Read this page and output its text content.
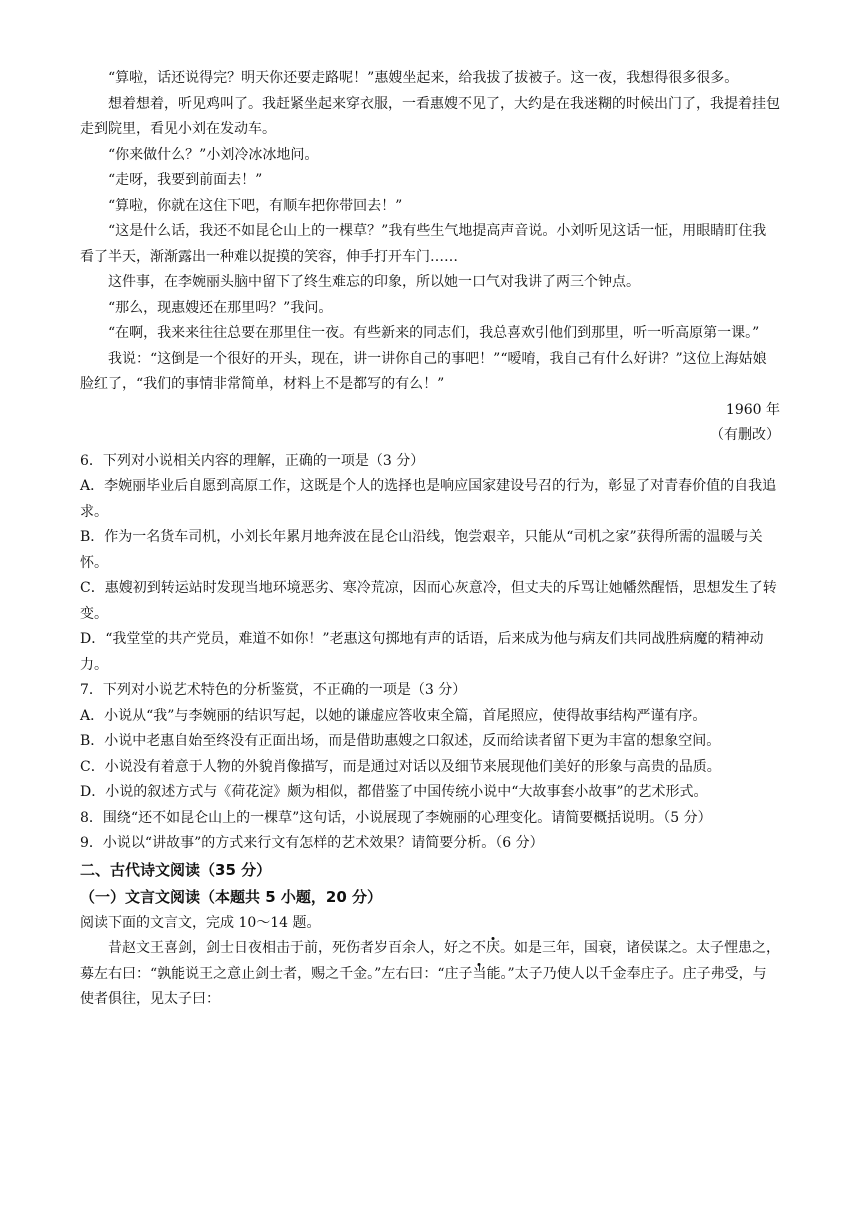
“算啦，话还说得完？明天你还要走路呢！”惠嫂坐起来，给我拔了拔被子。这一夜，我想得很多很多。

想着想着，听见鸡叫了。我赶紧坐起来穿衣服，一看惠嫂不见了，大约是在我迷糊的时候出门了，我提着挂包走到院里，看见小刘在发动车。

“你来做什么？”小刘冷冰冰地问。

“走呀，我要到前面去！”

“算啦，你就在这住下吧，有顺车把你带回去！”

“这是什么话，我还不如昆仑山上的一棵草？”我有些生气地提高声音说。小刘听见这话一怔，用眼睛盯住我看了半天，渐渐露出一种难以捉摸的笑容，伸手打开车门……

这件事，在李婉丽头脑中留下了终生难忘的印象，所以她一口气对我讲了两三个钟点。

“那么，现惠嫂还在那里吗？”我问。

“在啊，我来来往往总要在那里住一夜。有些新来的同志们，我总喜欢引他们到那里，听一听高原第一课。”

我说：“这倒是一个很好的开头，现在，讲一讲你自己的事吧！”“嗳唷，我自己有什么好讲？”这位上海姑娘脸红了，“我们的事情非常简单，材料上不是都写的有么！”

1960 年

（有删改）

6．下列对小说相关内容的理解，正确的一项是（3 分）

A．李婉丽毕业后自愿到高原工作，这既是个人的选择也是响应国家建设号召的行为，彰显了对青春价值的自我追求。

B．作为一名货车司机，小刘长年累月地奔波在昆仑山沿线，饱尝艰辛，只能从“司机之家”获得所需的温暖与关怀。

C．惠嫂初到转运站时发现当地环境恶劣、寒冷荒凉，因而心灰意冷，但丈夫的斥骂让她幡然醒悟，思想发生了转变。

D．“我堂堂的共产党员，难道不如你！”老惠这句掷地有声的话语，后来成为他与病友们共同战胜病魔的精神动力。

7．下列对小说艺术特色的分析鉴赏，不正确的一项是（3 分）

A．小说从“我”与李婉丽的结识写起，以她的谦虚应答收束全篇，首尾照应，使得故事结构严谨有序。

B．小说中老惠自始至终没有正面出场，而是借助惠嫂之口叙述，反而给读者留下更为丰富的想象空间。

C．小说没有着意于人物的外貌肖像描写，而是通过对话以及细节来展现他们美好的形象与高贵的品质。

D．小说的叙述方式与《荷花淀》颇为相似，都借鉴了中国传统小说中“大故事套小故事”的艺术形式。

8．围绕“还不如昆仑山上的一棵草”这句话，小说展现了李婉丽的心理变化。请简要概括说明。（5 分）

9．小说以“讲故事”的方式来行文有怎样的艺术效果？请简要分析。（6 分）

二、古代诗文阅读（35 分）

（一）文言文阅读（本题共 5 小题，20 分）

阅读下面的文言文，完成 10～14 题。

昔赵文王喜剑，剑士日夜相击于前，死伤者岁百余人，好之不厌。如是三年，国衰，诸侯谋之。太子悝患之，募左右曰：“孰能说王之意止剑士者，赐之千金。”左右曰：“庄子当能。”太子乃使人以千金奉庄子。庄子弗受，与使者俱往，见太子曰：
